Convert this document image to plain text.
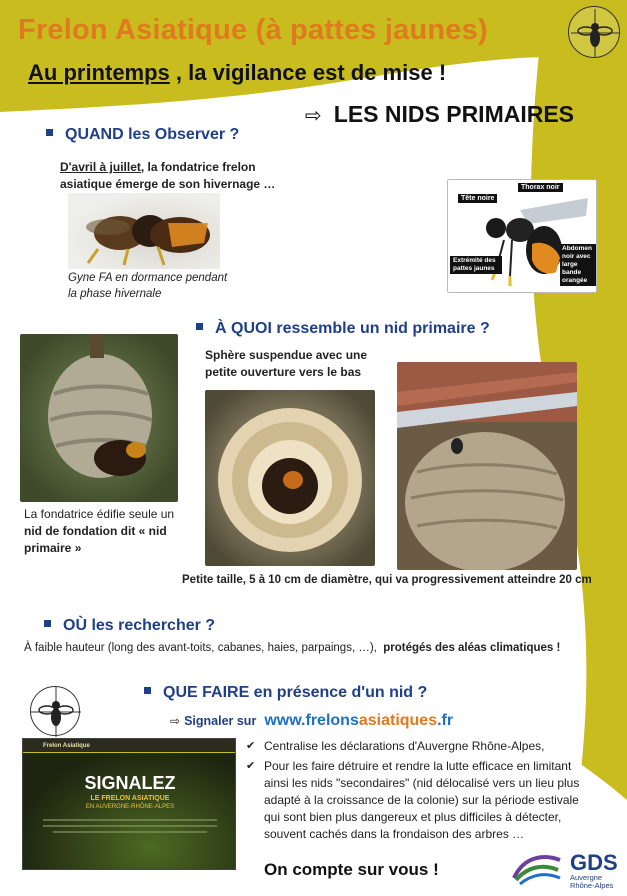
Frelon Asiatique (à pattes jaunes)
Au printemps , la vigilance est de mise !
⇨ LES NIDS PRIMAIRES
QUAND les Observer ?
D'avril à juillet, la fondatrice frelon asiatique émerge de son hivernage …
Gyne FA en dormance pendant la phase hivernale
Thorax noir
Tête noire
Extrémité des pattes jaunes
Abdomen noir avec large bande orangée
À QUOI ressemble un nid primaire ?
Sphère suspendue avec une petite ouverture vers le bas
La fondatrice édifie seule un nid de fondation dit « nid primaire »
Petite taille, 5 à 10 cm de diamètre, qui va progressivement atteindre 20 cm
OÙ les rechercher ?
À faible hauteur (long des avant-toits, cabanes, haies, parpaings, …), protégés des aléas climatiques !
QUE FAIRE en présence d'un nid ?
⇨ Signaler sur www.frelonsasiatiques.fr
Frelon Asiatique
SIGNALEZ
LE FRELON ASIATIQUE
EN AUVERGNE-RHÔNE-ALPES
✔ Centralise les déclarations d'Auvergne Rhône-Alpes,
✔ Pour les faire détruire et rendre la lutte efficace en limitant ainsi les nids "secondaires" (nid délocalisé vers un lieu plus adapté à la croissance de la colonie) sur la période estivale qui sont bien plus dangereux et plus difficiles à détecter, souvent cachés dans la frondaison des arbres …
On compte sur vous !	GDS
Auvergne Rhône-Alpes
